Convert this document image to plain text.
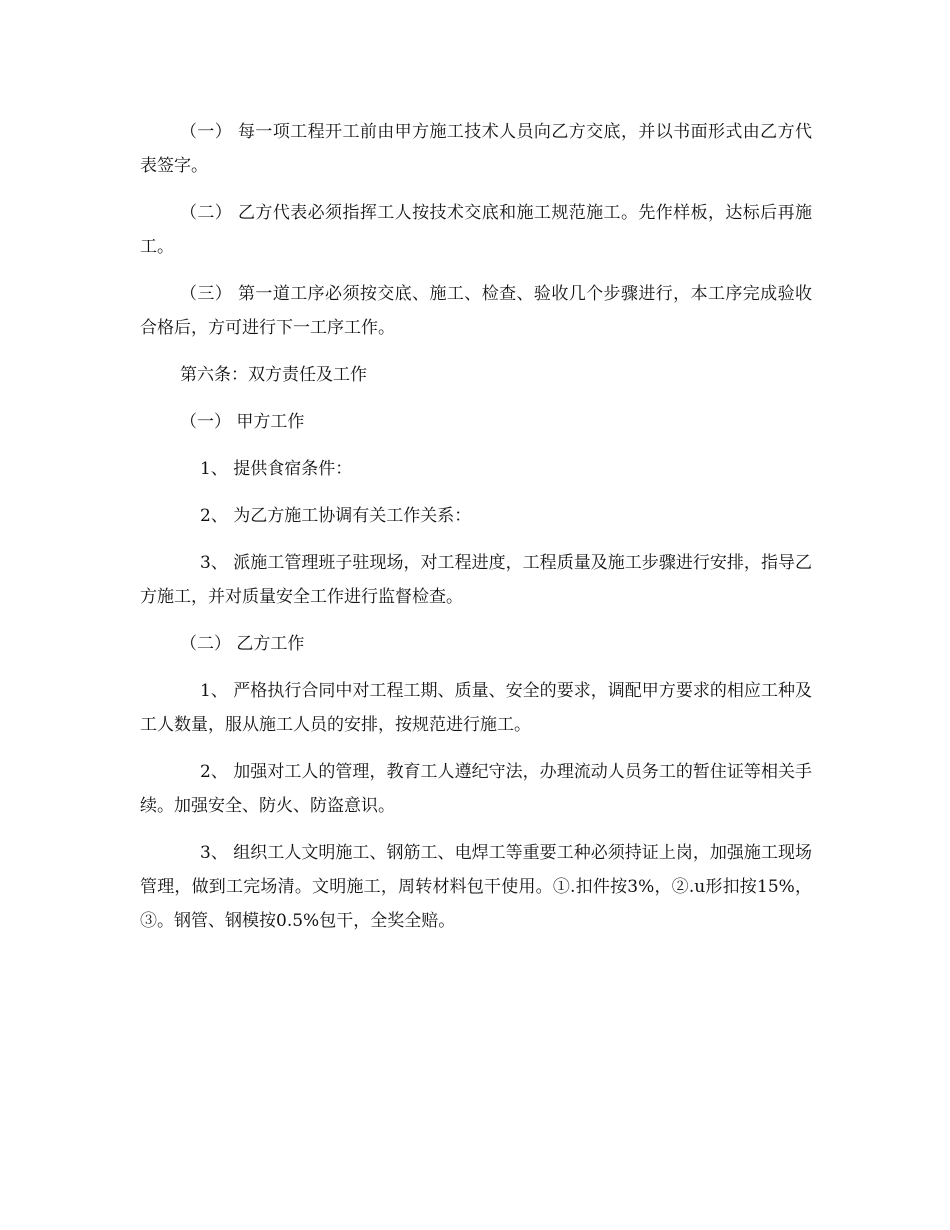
（一） 每一项工程开工前由甲方施工技术人员向乙方交底，并以书面形式由乙方代表签字。

（二） 乙方代表必须指挥工人按技术交底和施工规范施工。先作样板，达标后再施工。

（三） 第一道工序必须按交底、施工、检查、验收几个步骤进行，本工序完成验收合格后，方可进行下一工序工作。

第六条：双方责任及工作

（一） 甲方工作

1、 提供食宿条件：

2、 为乙方施工协调有关工作关系：

3、 派施工管理班子驻现场，对工程进度，工程质量及施工步骤进行安排，指导乙方施工，并对质量安全工作进行监督检查。

（二） 乙方工作

1、 严格执行合同中对工程工期、质量、安全的要求，调配甲方要求的相应工种及工人数量，服从施工人员的安排，按规范进行施工。

2、 加强对工人的管理，教育工人遵纪守法，办理流动人员务工的暂住证等相关手续。加强安全、防火、防盗意识。

3、 组织工人文明施工、钢筋工、电焊工等重要工种必须持证上岗，加强施工现场管理，做到工完场清。文明施工，周转材料包干使用。①.扣件按3%，②.u形扣按15%，③。钢管、钢模按0.5%包干，全奖全赔。
